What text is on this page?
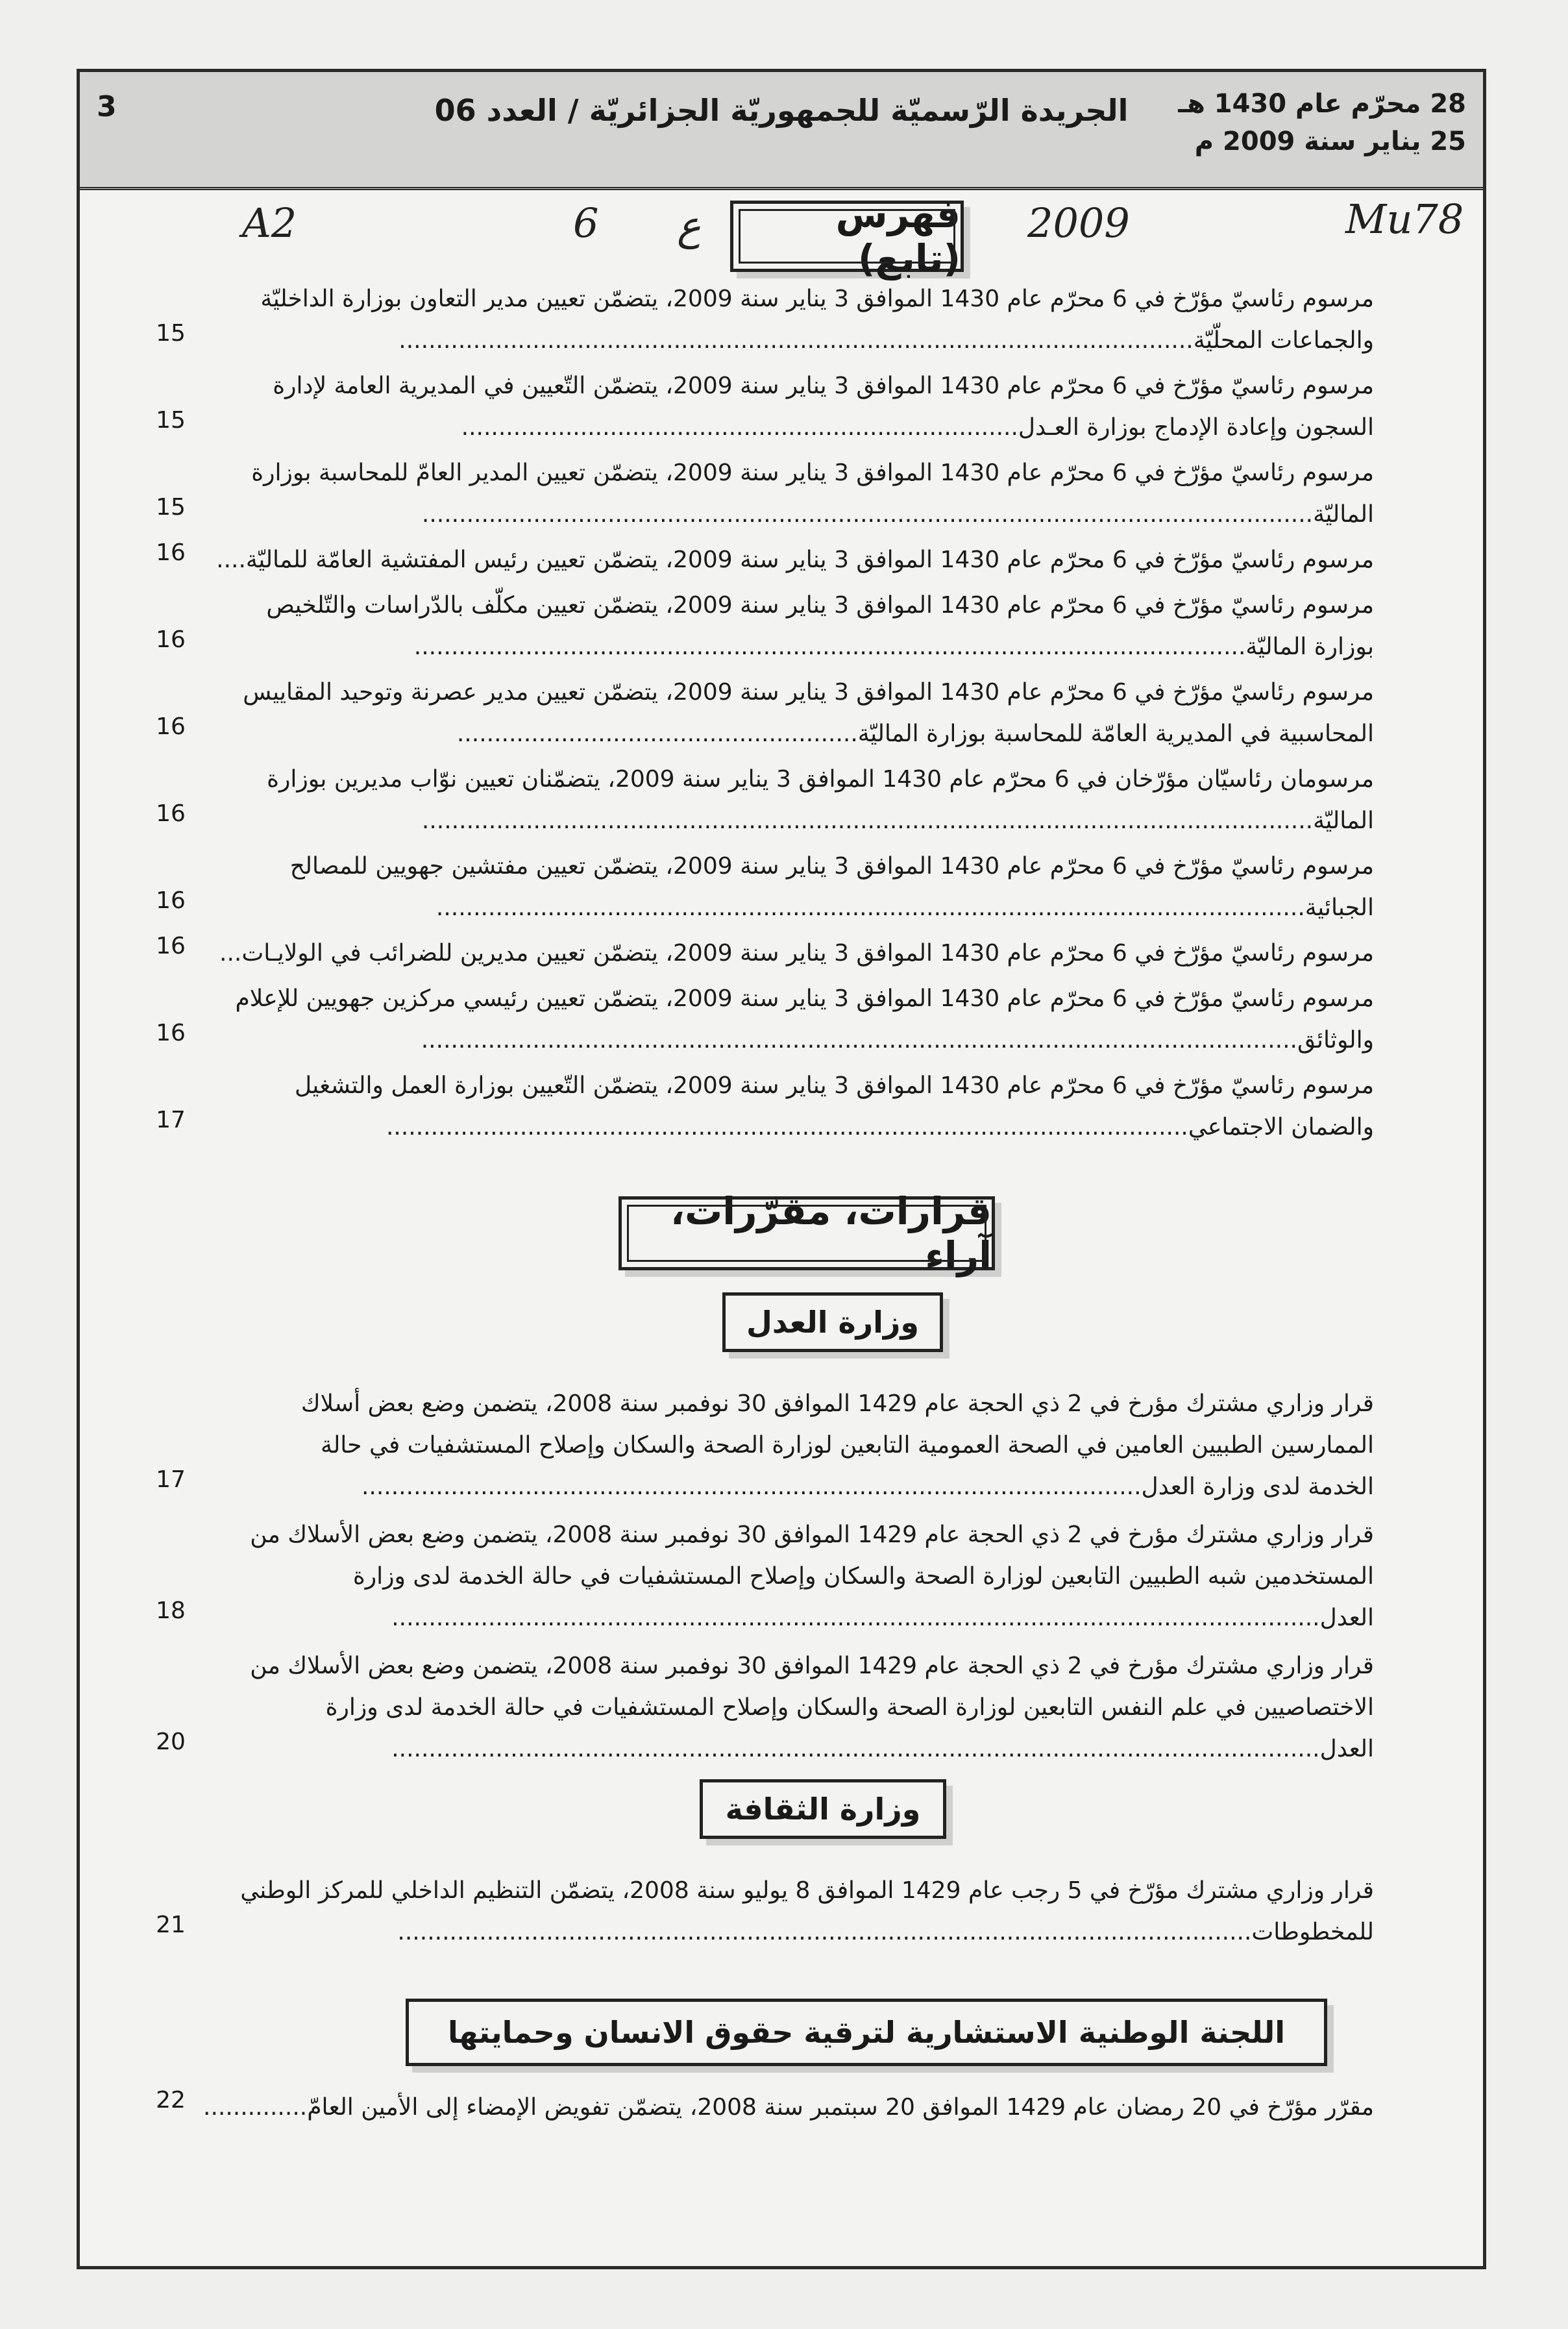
28 محرّم عام 1430 هـ
25 يناير سنة 2009 م
الجريدة الرّسميّة للجمهوريّة الجزائريّة / العدد 06
3
A2	6 ع	2009	Mu78
فهرس (تابع)
مرسوم رئاسيّ مؤرّخ في 6 محرّم عام 1430 الموافق 3 يناير سنة 2009، يتضمّن تعيين مدير التعاون بوزارة الداخليّة
والجماعات المحلّيّة...........................................................................................................
15
مرسوم رئاسيّ مؤرّخ في 6 محرّم عام 1430 الموافق 3 يناير سنة 2009، يتضمّن التّعيين في المديرية العامة لإدارة
السجون وإعادة الإدماج بوزارة العـدل...........................................................................
15
مرسوم رئاسيّ مؤرّخ في 6 محرّم عام 1430 الموافق 3 يناير سنة 2009، يتضمّن تعيين المدير العامّ للمحاسبة بوزارة
الماليّة........................................................................................................................
15
مرسوم رئاسيّ مؤرّخ في 6 محرّم عام 1430 الموافق 3 يناير سنة 2009، يتضمّن تعيين رئيس المفتشية العامّة للماليّة....
16
مرسوم رئاسيّ مؤرّخ في 6 محرّم عام 1430 الموافق 3 يناير سنة 2009، يتضمّن تعيين مكلّف بالدّراسات والتّلخيص
بوزارة الماليّة................................................................................................................
16
مرسوم رئاسيّ مؤرّخ في 6 محرّم عام 1430 الموافق 3 يناير سنة 2009، يتضمّن تعيين مدير عصرنة وتوحيد المقاييس
المحاسبية في المديرية العامّة للمحاسبة بوزارة الماليّة......................................................
16
مرسومان رئاسيّان مؤرّخان في 6 محرّم عام 1430 الموافق 3 يناير سنة 2009، يتضمّنان تعيين نوّاب مديرين بوزارة
الماليّة........................................................................................................................
16
مرسوم رئاسيّ مؤرّخ في 6 محرّم عام 1430 الموافق 3 يناير سنة 2009، يتضمّن تعيين مفتشين جهويين للمصالح
الجبائية.....................................................................................................................
16
مرسوم رئاسيّ مؤرّخ في 6 محرّم عام 1430 الموافق 3 يناير سنة 2009، يتضمّن تعيين مديرين للضرائب في الولايـات...
16
مرسوم رئاسيّ مؤرّخ في 6 محرّم عام 1430 الموافق 3 يناير سنة 2009، يتضمّن تعيين رئيسي مركزين جهويين للإعلام
والوثائق......................................................................................................................
16
مرسوم رئاسيّ مؤرّخ في 6 محرّم عام 1430 الموافق 3 يناير سنة 2009، يتضمّن التّعيين بوزارة العمل والتشغيل
والضمان الاجتماعي............................................................................................................
17
قرارات، مقرّرات، آراء
وزارة العدل
قرار وزاري مشترك مؤرخ في 2 ذي الحجة عام 1429 الموافق 30 نوفمبر سنة 2008، يتضمن وضع بعض أسلاك
الممارسين الطبيين العامين في الصحة العمومية التابعين لوزارة الصحة والسكان وإصلاح المستشفيات في حالة
الخدمة لدى وزارة العدل.........................................................................................................
17
قرار وزاري مشترك مؤرخ في 2 ذي الحجة عام 1429 الموافق 30 نوفمبر سنة 2008، يتضمن وضع بعض الأسلاك من
المستخدمين شبه الطبيين التابعين لوزارة الصحة والسكان وإصلاح المستشفيات في حالة الخدمة لدى وزارة
العدل.............................................................................................................................
18
قرار وزاري مشترك مؤرخ في 2 ذي الحجة عام 1429 الموافق 30 نوفمبر سنة 2008، يتضمن وضع بعض الأسلاك من
الاختصاصيين في علم النفس التابعين لوزارة الصحة والسكان وإصلاح المستشفيات في حالة الخدمة لدى وزارة
العدل.............................................................................................................................
20
وزارة الثقافة
قرار وزاري مشترك مؤرّخ في 5 رجب عام 1429 الموافق 8 يوليو سنة 2008، يتضمّن التنظيم الداخلي للمركز الوطني
للمخطوطات...................................................................................................................
21
اللجنة الوطنية الاستشارية لترقية حقوق الانسان وحمايتها
مقرّر مؤرّخ في 20 رمضان عام 1429 الموافق 20 سبتمبر سنة 2008، يتضمّن تفويض الإمضاء إلى الأمين العامّ..............
22
